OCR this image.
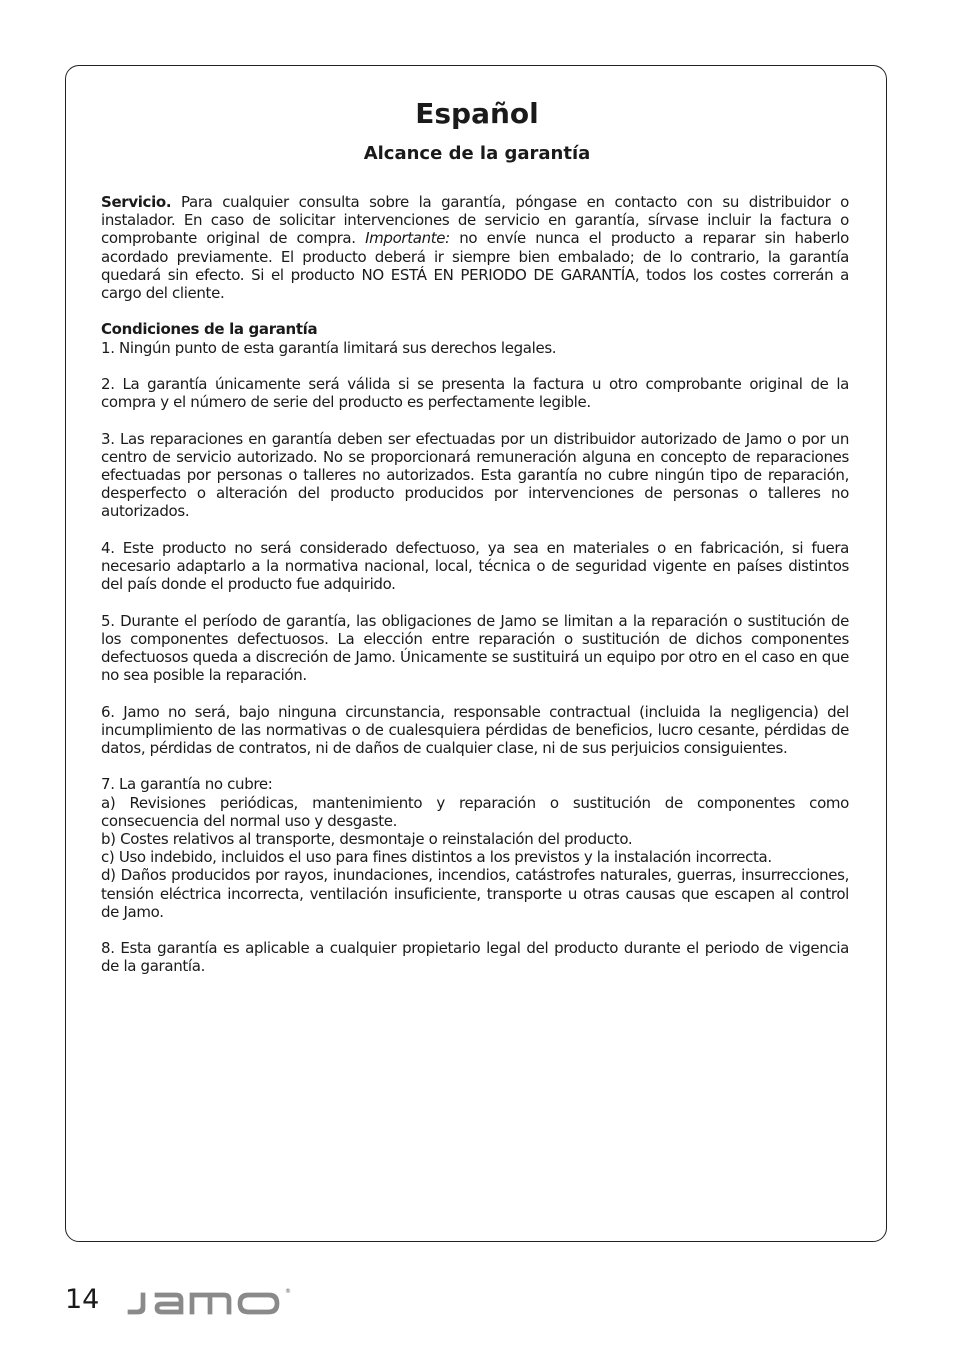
Español
Alcance de la garantía

Servicio. Para cualquier consulta sobre la garantía, póngase en contacto con su distribuidor o instalador. En caso de solicitar intervenciones de servicio en garantía, sírvase incluir la factura o comprobante original de compra. Importante: no envíe nunca el producto a reparar sin haberlo acordado previamente. El producto deberá ir siempre bien embalado; de lo contrario, la garantía quedará sin efecto. Si el producto NO ESTÁ EN PERIODO DE GARANTÍA, todos los costes correrán a cargo del cliente.

Condiciones de la garantía

1. Ningún punto de esta garantía limitará sus derechos legales.

2. La garantía únicamente será válida si se presenta la factura u otro comprobante original de la compra y el número de serie del producto es perfectamente legible.

3. Las reparaciones en garantía deben ser efectuadas por un distribuidor autorizado de Jamo o por un centro de servicio autorizado. No se proporcionará remuneración alguna en concepto de reparaciones efectuadas por personas o talleres no autorizados. Esta garantía no cubre ningún tipo de reparación, desperfecto o alteración del producto producidos por intervenciones de personas o talleres no autorizados.

4. Este producto no será considerado defectuoso, ya sea en materiales o en fabricación, si fuera necesario adaptarlo a la normativa nacional, local, técnica o de seguridad vigente en países distintos del país donde el producto fue adquirido.

5. Durante el período de garantía, las obligaciones de Jamo se limitan a la reparación o sustitución de los componentes defectuosos. La elección entre reparación o sustitución de dichos componentes defectuosos queda a discreción de Jamo. Únicamente se sustituirá un equipo por otro en el caso en que no sea posible la reparación.

6. Jamo no será, bajo ninguna circunstancia, responsable contractual (incluida la negligencia) del incumplimiento de las normativas o de cualesquiera pérdidas de beneficios, lucro cesante, pérdidas de datos, pérdidas de contratos, ni de daños de cualquier clase, ni de sus perjuicios consiguientes.

7. La garantía no cubre:

a) Revisiones periódicas, mantenimiento y reparación o sustitución de componentes como consecuencia del normal uso y desgaste.

b) Costes relativos al transporte, desmontaje o reinstalación del producto.

c) Uso indebido, incluidos el uso para fines distintos a los previstos y la instalación incorrecta.

d) Daños producidos por rayos, inundaciones, incendios, catástrofes naturales, guerras, insurrecciones, tensión eléctrica incorrecta, ventilación insuficiente, transporte u otras causas que escapen al control de Jamo.

8. Esta garantía es aplicable a cualquier propietario legal del producto durante el periodo de vigencia de la garantía.

14	®
